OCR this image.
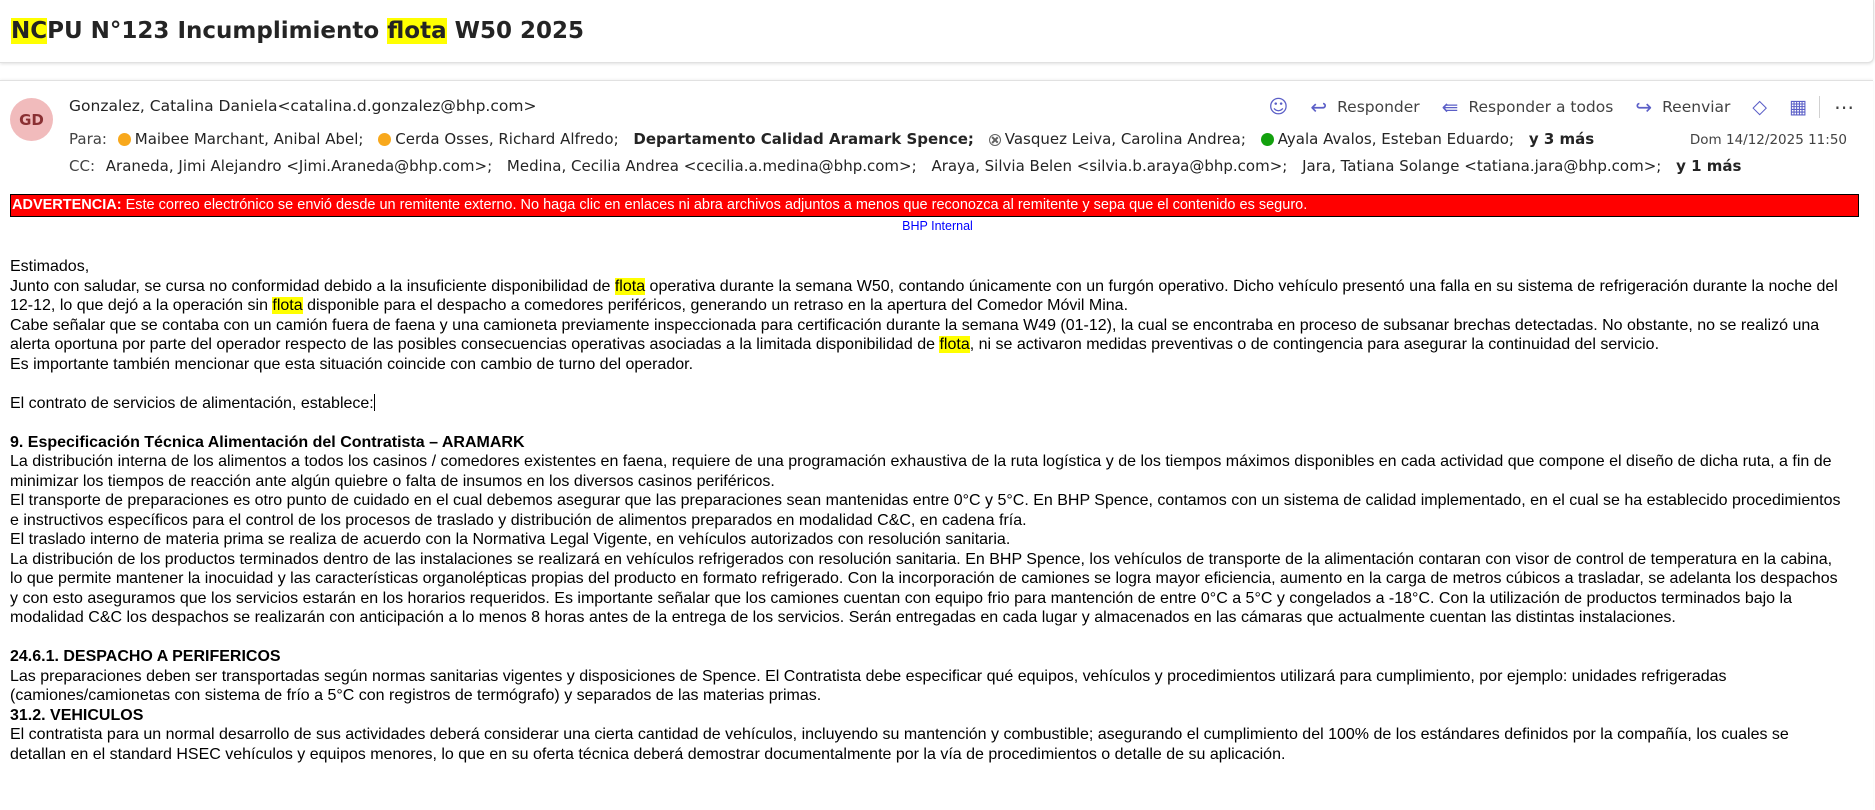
NCPU N°123 Incumplimiento flota W50 2025
GD
Gonzalez, Catalina Daniela<catalina.d.gonzalez@bhp.com>	☺ ↩ Responder ⇚ Responder a todos ↪ Reenviar ◇ ▦ ⋯
Para: Maibee Marchant, Anibal Abel; Cerda Osses, Richard Alfredo; Departamento Calidad Aramark Spence; Vasquez Leiva, Carolina Andrea; Ayala Avalos, Esteban Eduardo; y 3 más	Dom 14/12/2025 11:50
CC: Araneda, Jimi Alejandro <Jimi.Araneda@bhp.com>; Medina, Cecilia Andrea <cecilia.a.medina@bhp.com>; Araya, Silvia Belen <silvia.b.araya@bhp.com>; Jara, Tatiana Solange <tatiana.jara@bhp.com>; y 1 más
ADVERTENCIA: Este correo electrónico se envió desde un remitente externo. No haga clic en enlaces ni abra archivos adjuntos a menos que reconozca al remitente y sepa que el contenido es seguro.
BHP Internal

Estimados,

Junto con saludar, se cursa no conformidad debido a la insuficiente disponibilidad de flota operativa durante la semana W50, contando únicamente con un furgón operativo. Dicho vehículo presentó una falla en su sistema de refrigeración durante la noche del 12-12, lo que dejó a la operación sin flota disponible para el despacho a comedores periféricos, generando un retraso en la apertura del Comedor Móvil Mina.

Cabe señalar que se contaba con un camión fuera de faena y una camioneta previamente inspeccionada para certificación durante la semana W49 (01-12), la cual se encontraba en proceso de subsanar brechas detectadas. No obstante, no se realizó una alerta oportuna por parte del operador respecto de las posibles consecuencias operativas asociadas a la limitada disponibilidad de flota, ni se activaron medidas preventivas o de contingencia para asegurar la continuidad del servicio.

Es importante también mencionar que esta situación coincide con cambio de turno del operador.

El contrato de servicios de alimentación, establece:

9. Especificación Técnica Alimentación del Contratista – ARAMARK

La distribución interna de los alimentos a todos los casinos / comedores existentes en faena, requiere de una programación exhaustiva de la ruta logística y de los tiempos máximos disponibles en cada actividad que compone el diseño de dicha ruta, a fin de minimizar los tiempos de reacción ante algún quiebre o falta de insumos en los diversos casinos periféricos.

El transporte de preparaciones es otro punto de cuidado en el cual debemos asegurar que las preparaciones sean mantenidas entre 0°C y 5°C. En BHP Spence, contamos con un sistema de calidad implementado, en el cual se ha establecido procedimientos e instructivos específicos para el control de los procesos de traslado y distribución de alimentos preparados en modalidad C&C, en cadena fría.

El traslado interno de materia prima se realiza de acuerdo con la Normativa Legal Vigente, en vehículos autorizados con resolución sanitaria.

La distribución de los productos terminados dentro de las instalaciones se realizará en vehículos refrigerados con resolución sanitaria. En BHP Spence, los vehículos de transporte de la alimentación contaran con visor de control de temperatura en la cabina, lo que permite mantener la inocuidad y las características organolépticas propias del producto en formato refrigerado. Con la incorporación de camiones se logra mayor eficiencia, aumento en la carga de metros cúbicos a trasladar, se adelanta los despachos y con esto aseguramos que los servicios estarán en los horarios requeridos. Es importante señalar que los camiones cuentan con equipo frio para mantención de entre 0°C a 5°C y congelados a -18°C. Con la utilización de productos terminados bajo la modalidad C&C los despachos se realizarán con anticipación a lo menos 8 horas antes de la entrega de los servicios. Serán entregadas en cada lugar y almacenados en las cámaras que actualmente cuentan las distintas instalaciones.

24.6.1. DESPACHO A PERIFERICOS

Las preparaciones deben ser transportadas según normas sanitarias vigentes y disposiciones de Spence. El Contratista debe especificar qué equipos, vehículos y procedimientos utilizará para cumplimiento, por ejemplo: unidades refrigeradas (camiones/camionetas con sistema de frío a 5°C con registros de termógrafo) y separados de las materias primas.

31.2. VEHICULOS

El contratista para un normal desarrollo de sus actividades deberá considerar una cierta cantidad de vehículos, incluyendo su mantención y combustible; asegurando el cumplimiento del 100% de los estándares definidos por la compañía, los cuales se detallan en el standard HSEC vehículos y equipos menores, lo que en su oferta técnica deberá demostrar documentalmente por la vía de procedimientos o detalle de su aplicación.
